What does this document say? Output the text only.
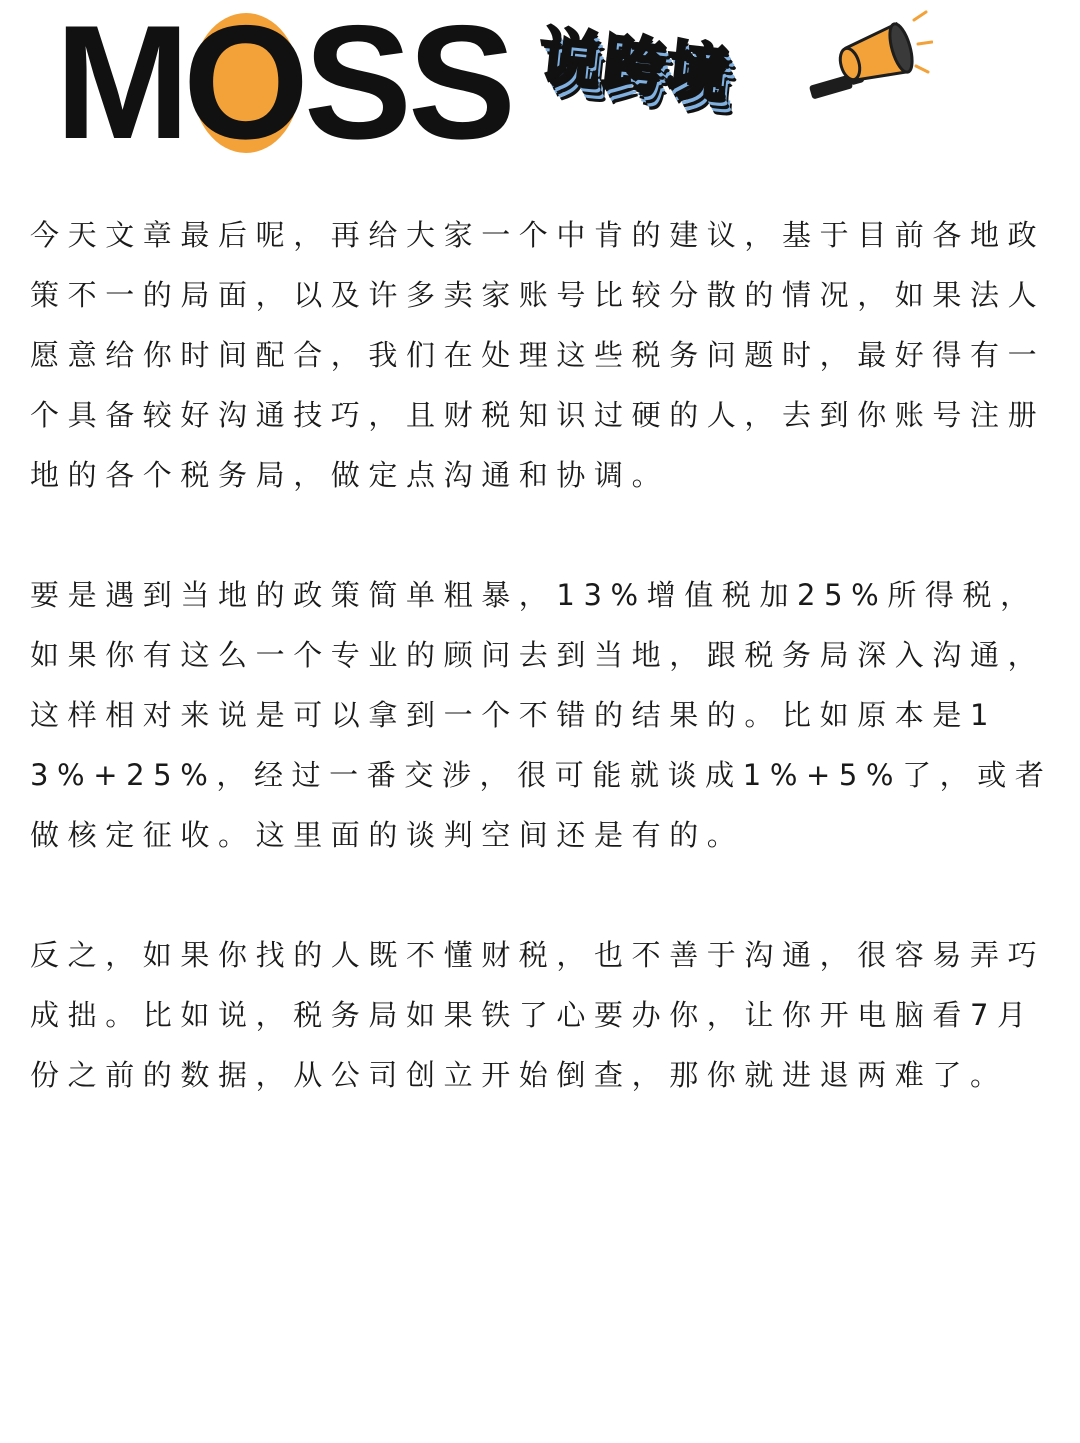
M
O
SS 说跨境

今天文章最后呢，再给大家一个中肯的建议，基于目前各地政策不一的局面，以及许多卖家账号比较分散的情况，如果法人愿意给你时间配合，我们在处理这些税务问题时，最好得有一个具备较好沟通技巧，且财税知识过硬的人，去到你账号注册地的各个税务局，做定点沟通和协调。

要是遇到当地的政策简单粗暴，13%增值税加25%所得税，如果你有这么一个专业的顾问去到当地，跟税务局深入沟通，这样相对来说是可以拿到一个不错的结果的。比如原本是13%+25%，经过一番交涉，很可能就谈成1%+5%了，或者做核定征收。这里面的谈判空间还是有的。

反之，如果你找的人既不懂财税，也不善于沟通，很容易弄巧成拙。比如说，税务局如果铁了心要办你，让你开电脑看7月份之前的数据，从公司创立开始倒查，那你就进退两难了。
